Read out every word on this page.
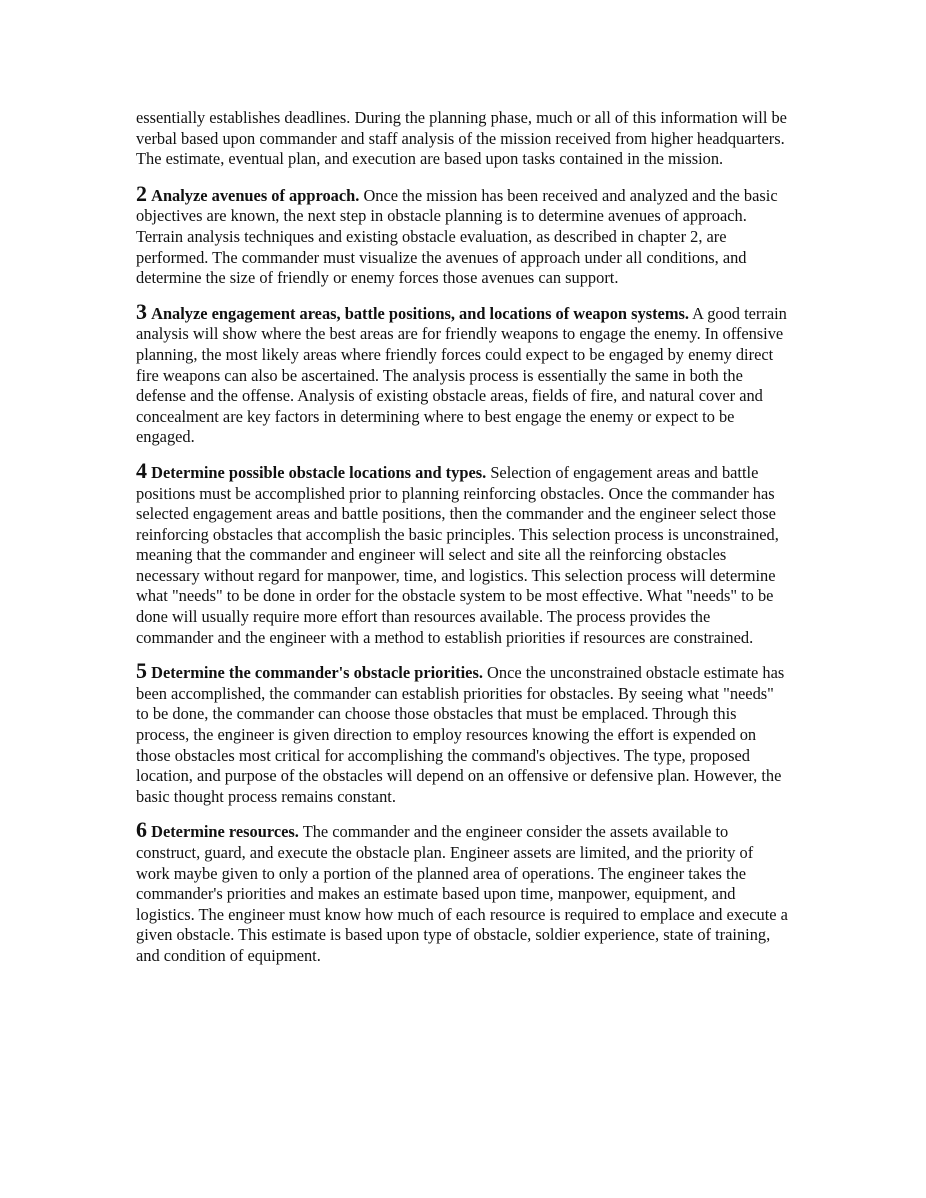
essentially establishes deadlines. During the planning phase, much or all of this information will be verbal based upon commander and staff analysis of the mission received from higher headquarters. The estimate, eventual plan, and execution are based upon tasks contained in the mission.

2 Analyze avenues of approach. Once the mission has been received and analyzed and the basic objectives are known, the next step in obstacle planning is to determine avenues of approach. Terrain analysis techniques and existing obstacle evaluation, as described in chapter 2, are performed. The commander must visualize the avenues of approach under all conditions, and determine the size of friendly or enemy forces those avenues can support.

3 Analyze engagement areas, battle positions, and locations of weapon systems. A good terrain analysis will show where the best areas are for friendly weapons to engage the enemy. In offensive planning, the most likely areas where friendly forces could expect to be engaged by enemy direct fire weapons can also be ascertained. The analysis process is essentially the same in both the defense and the offense. Analysis of existing obstacle areas, fields of fire, and natural cover and concealment are key factors in determining where to best engage the enemy or expect to be engaged.

4 Determine possible obstacle locations and types. Selection of engagement areas and battle positions must be accomplished prior to planning reinforcing obstacles. Once the commander has selected engagement areas and battle positions, then the commander and the engineer select those reinforcing obstacles that accomplish the basic principles. This selection process is unconstrained, meaning that the commander and engineer will select and site all the reinforcing obstacles necessary without regard for manpower, time, and logistics. This selection process will determine what "needs" to be done in order for the obstacle system to be most effective. What "needs" to be done will usually require more effort than resources available. The process provides the commander and the engineer with a method to establish priorities if resources are constrained.

5 Determine the commander's obstacle priorities. Once the unconstrained obstacle estimate has been accomplished, the commander can establish priorities for obstacles. By seeing what "needs" to be done, the commander can choose those obstacles that must be emplaced. Through this process, the engineer is given direction to employ resources knowing the effort is expended on those obstacles most critical for accomplishing the command's objectives. The type, proposed location, and purpose of the obstacles will depend on an offensive or defensive plan. However, the basic thought process remains constant.

6 Determine resources. The commander and the engineer consider the assets available to construct, guard, and execute the obstacle plan. Engineer assets are limited, and the priority of work maybe given to only a portion of the planned area of operations. The engineer takes the commander's priorities and makes an estimate based upon time, manpower, equipment, and logistics. The engineer must know how much of each resource is required to emplace and execute a given obstacle. This estimate is based upon type of obstacle, soldier experience, state of training, and condition of equipment.
